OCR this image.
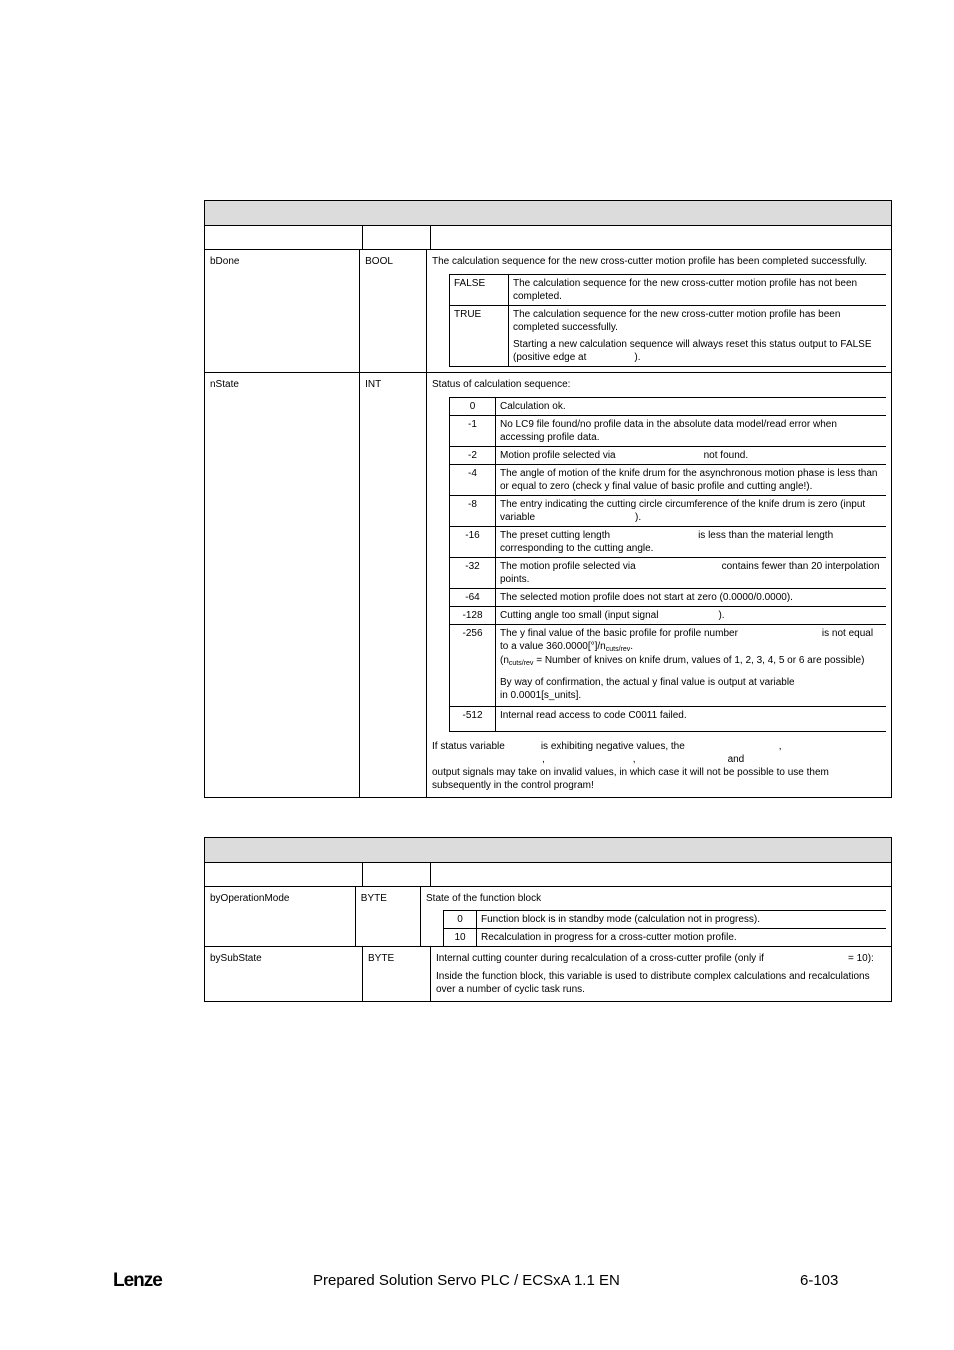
bDone	BOOL	The calculation sequence for the new cross-cutter motion profile has been completed successfully.

FALSE	The calculation sequence for the new cross-cutter motion profile has not been completed.
TRUE	The calculation sequence for the new cross-cutter motion profile has been completed successfully.

Starting a new calculation sequence will always reset this status output to FALSE (positive edge at ).

nState	INT	Status of calculation sequence:

0	Calculation ok.
-1	No LC9 file found/no profile data in the absolute data model/read error when accessing profile data.
-2	Motion profile selected via not found.
-4	The angle of motion of the knife drum for the asynchronous motion phase is less than or equal to zero (check y final value of basic profile and cutting angle!).
-8	The entry indicating the cutting circle circumference of the knife drum is zero (input variable ).
-16	The preset cutting length is less than the material length corresponding to the cutting angle.
-32	The motion profile selected via contains fewer than 20 interpolation points.
-64	The selected motion profile does not start at zero (0.0000/0.0000).
-128	Cutting angle too small (input signal ).
-256	The y final value of the basic profile for profile number is not equal to a value $360.0000[^\circ]/n_{cuts/rev}$.

($n_{cuts/rev}$ = Number of knives on knife drum, values of 1, 2, 3, 4, 5 or 6 are possible)

By way of confirmation, the actual y final value is output at variable

in 0.0001[s_units].

-512	Internal read access to code C0011 failed.

If status variable	is exhibiting negative values, the	,

,	,	and

output signals may take on invalid values, in which case it will not be possible to use them subsequently in the control program!

byOperationMode	BYTE	State of the function block

0	Function block is in standby mode (calculation not in progress).
10	Recalculation in progress for a cross-cutter motion profile.
bySubState	BYTE	Internal cutting counter during recalculation of a cross-cutter profile (only if	= 10):

Inside the function block, this variable is used to distribute complex calculations and recalculations over a number of cyclic task runs.

Lenze	Prepared Solution Servo PLC / ECSxA 1.1 EN	6-103
